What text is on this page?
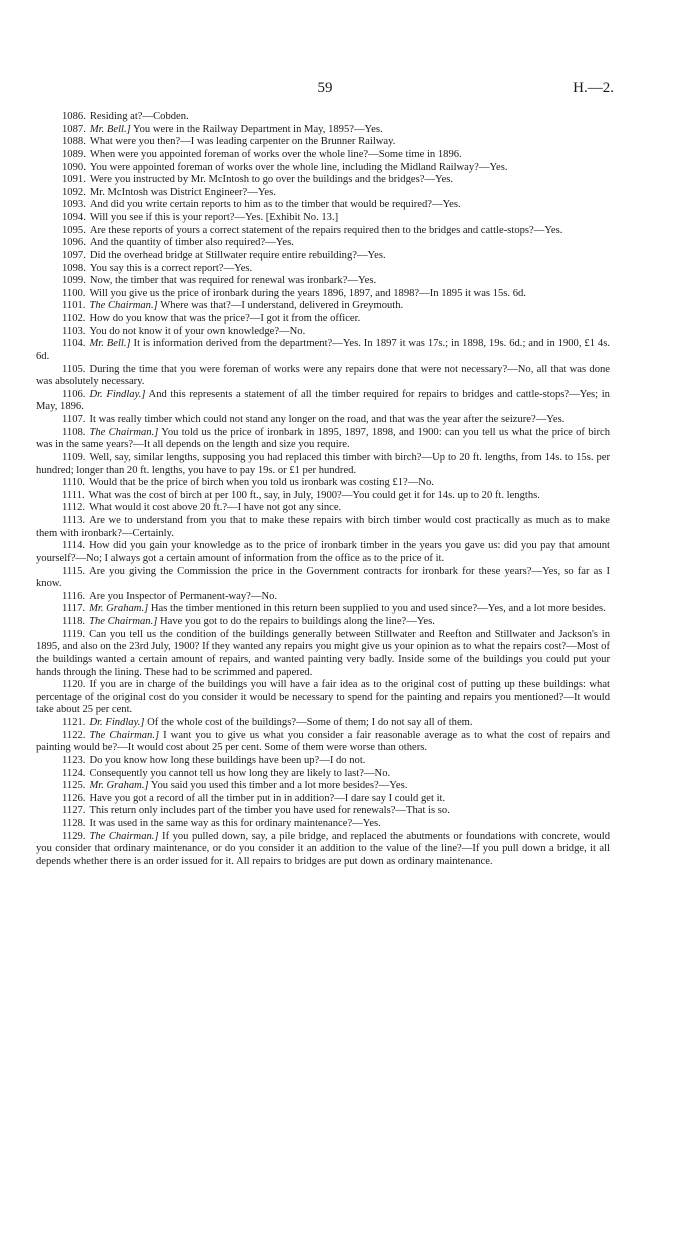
59	H.—2.

1086. Residing at?—Cobden.

1087. Mr. Bell.] You were in the Railway Department in May, 1895?—Yes.

1088. What were you then?—I was leading carpenter on the Brunner Railway.

1089. When were you appointed foreman of works over the whole line?—Some time in 1896.

1090. You were appointed foreman of works over the whole line, including the Midland Railway?—Yes.

1091. Were you instructed by Mr. McIntosh to go over the buildings and the bridges?—Yes.

1092. Mr. McIntosh was District Engineer?—Yes.

1093. And did you write certain reports to him as to the timber that would be required?—Yes.

1094. Will you see if this is your report?—Yes. [Exhibit No. 13.]

1095. Are these reports of yours a correct statement of the repairs required then to the bridges and cattle-stops?—Yes.

1096. And the quantity of timber also required?—Yes.

1097. Did the overhead bridge at Stillwater require entire rebuilding?—Yes.

1098. You say this is a correct report?—Yes.

1099. Now, the timber that was required for renewal was ironbark?—Yes.

1100. Will you give us the price of ironbark during the years 1896, 1897, and 1898?—In 1895 it was 15s. 6d.

1101. The Chairman.] Where was that?—I understand, delivered in Greymouth.

1102. How do you know that was the price?—I got it from the officer.

1103. You do not know it of your own knowledge?—No.

1104. Mr. Bell.] It is information derived from the department?—Yes. In 1897 it was 17s.; in 1898, 19s. 6d.; and in 1900, £1 4s. 6d.

1105. During the time that you were foreman of works were any repairs done that were not necessary?—No, all that was done was absolutely necessary.

1106. Dr. Findlay.] And this represents a statement of all the timber required for repairs to bridges and cattle-stops?—Yes; in May, 1896.

1107. It was really timber which could not stand any longer on the road, and that was the year after the seizure?—Yes.

1108. The Chairman.] You told us the price of ironbark in 1895, 1897, 1898, and 1900: can you tell us what the price of birch was in the same years?—It all depends on the length and size you require.

1109. Well, say, similar lengths, supposing you had replaced this timber with birch?—Up to 20 ft. lengths, from 14s. to 15s. per hundred; longer than 20 ft. lengths, you have to pay 19s. or £1 per hundred.

1110. Would that be the price of birch when you told us ironbark was costing £1?—No.

1111. What was the cost of birch at per 100 ft., say, in July, 1900?—You could get it for 14s. up to 20 ft. lengths.

1112. What would it cost above 20 ft.?—I have not got any since.

1113. Are we to understand from you that to make these repairs with birch timber would cost practically as much as to make them with ironbark?—Certainly.

1114. How did you gain your knowledge as to the price of ironbark timber in the years you gave us: did you pay that amount yourself?—No; I always got a certain amount of information from the office as to the price of it.

1115. Are you giving the Commission the price in the Government contracts for ironbark for these years?—Yes, so far as I know.

1116. Are you Inspector of Permanent-way?—No.

1117. Mr. Graham.] Has the timber mentioned in this return been supplied to you and used since?—Yes, and a lot more besides.

1118. The Chairman.] Have you got to do the repairs to buildings along the line?—Yes.

1119. Can you tell us the condition of the buildings generally between Stillwater and Reefton and Stillwater and Jackson's in 1895, and also on the 23rd July, 1900? If they wanted any repairs you might give us your opinion as to what the repairs cost?—Most of the buildings wanted a certain amount of repairs, and wanted painting very badly. Inside some of the buildings you could put your hands through the lining. These had to be scrimmed and papered.

1120. If you are in charge of the buildings you will have a fair idea as to the original cost of putting up these buildings: what percentage of the original cost do you consider it would be necessary to spend for the painting and repairs you mentioned?—It would take about 25 per cent.

1121. Dr. Findlay.] Of the whole cost of the buildings?—Some of them; I do not say all of them.

1122. The Chairman.] I want you to give us what you consider a fair reasonable average as to what the cost of repairs and painting would be?—It would cost about 25 per cent. Some of them were worse than others.

1123. Do you know how long these buildings have been up?—I do not.

1124. Consequently you cannot tell us how long they are likely to last?—No.

1125. Mr. Graham.] You said you used this timber and a lot more besides?—Yes.

1126. Have you got a record of all the timber put in in addition?—I dare say I could get it.

1127. This return only includes part of the timber you have used for renewals?—That is so.

1128. It was used in the same way as this for ordinary maintenance?—Yes.

1129. The Chairman.] If you pulled down, say, a pile bridge, and replaced the abutments or foundations with concrete, would you consider that ordinary maintenance, or do you consider it an addition to the value of the line?—If you pull down a bridge, it all depends whether there is an order issued for it. All repairs to bridges are put down as ordinary maintenance.
